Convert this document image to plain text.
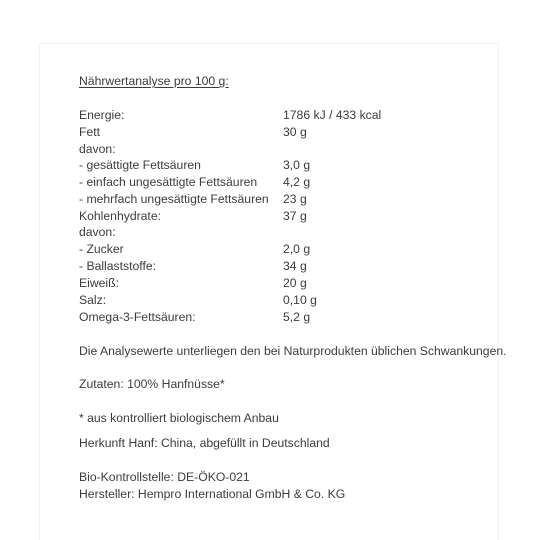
Nährwertanalyse pro 100 g:
Energie:	1786 kJ / 433 kcal
Fett	30 g
davon:
- gesättigte Fettsäuren	3,0 g
- einfach ungesättigte Fettsäuren 4,2 g
- mehrfach ungesättigte Fettsäuren 23 g
Kohlenhydrate:	37 g
davon:
- Zucker	2,0 g
- Ballaststoffe:	34 g
Eiweiß:	20 g
Salz:	0,10 g
Omega-3-Fettsäuren:	5,2 g
Die Analysewerte unterliegen den bei Naturprodukten üblichen Schwankungen.
Zutaten: 100% Hanfnüsse*
* aus kontrolliert biologischem Anbau
Herkunft Hanf: China, abgefüllt in Deutschland
Bio-Kontrollstelle: DE-ÖKO-021
Hersteller: Hempro International GmbH & Co. KG
